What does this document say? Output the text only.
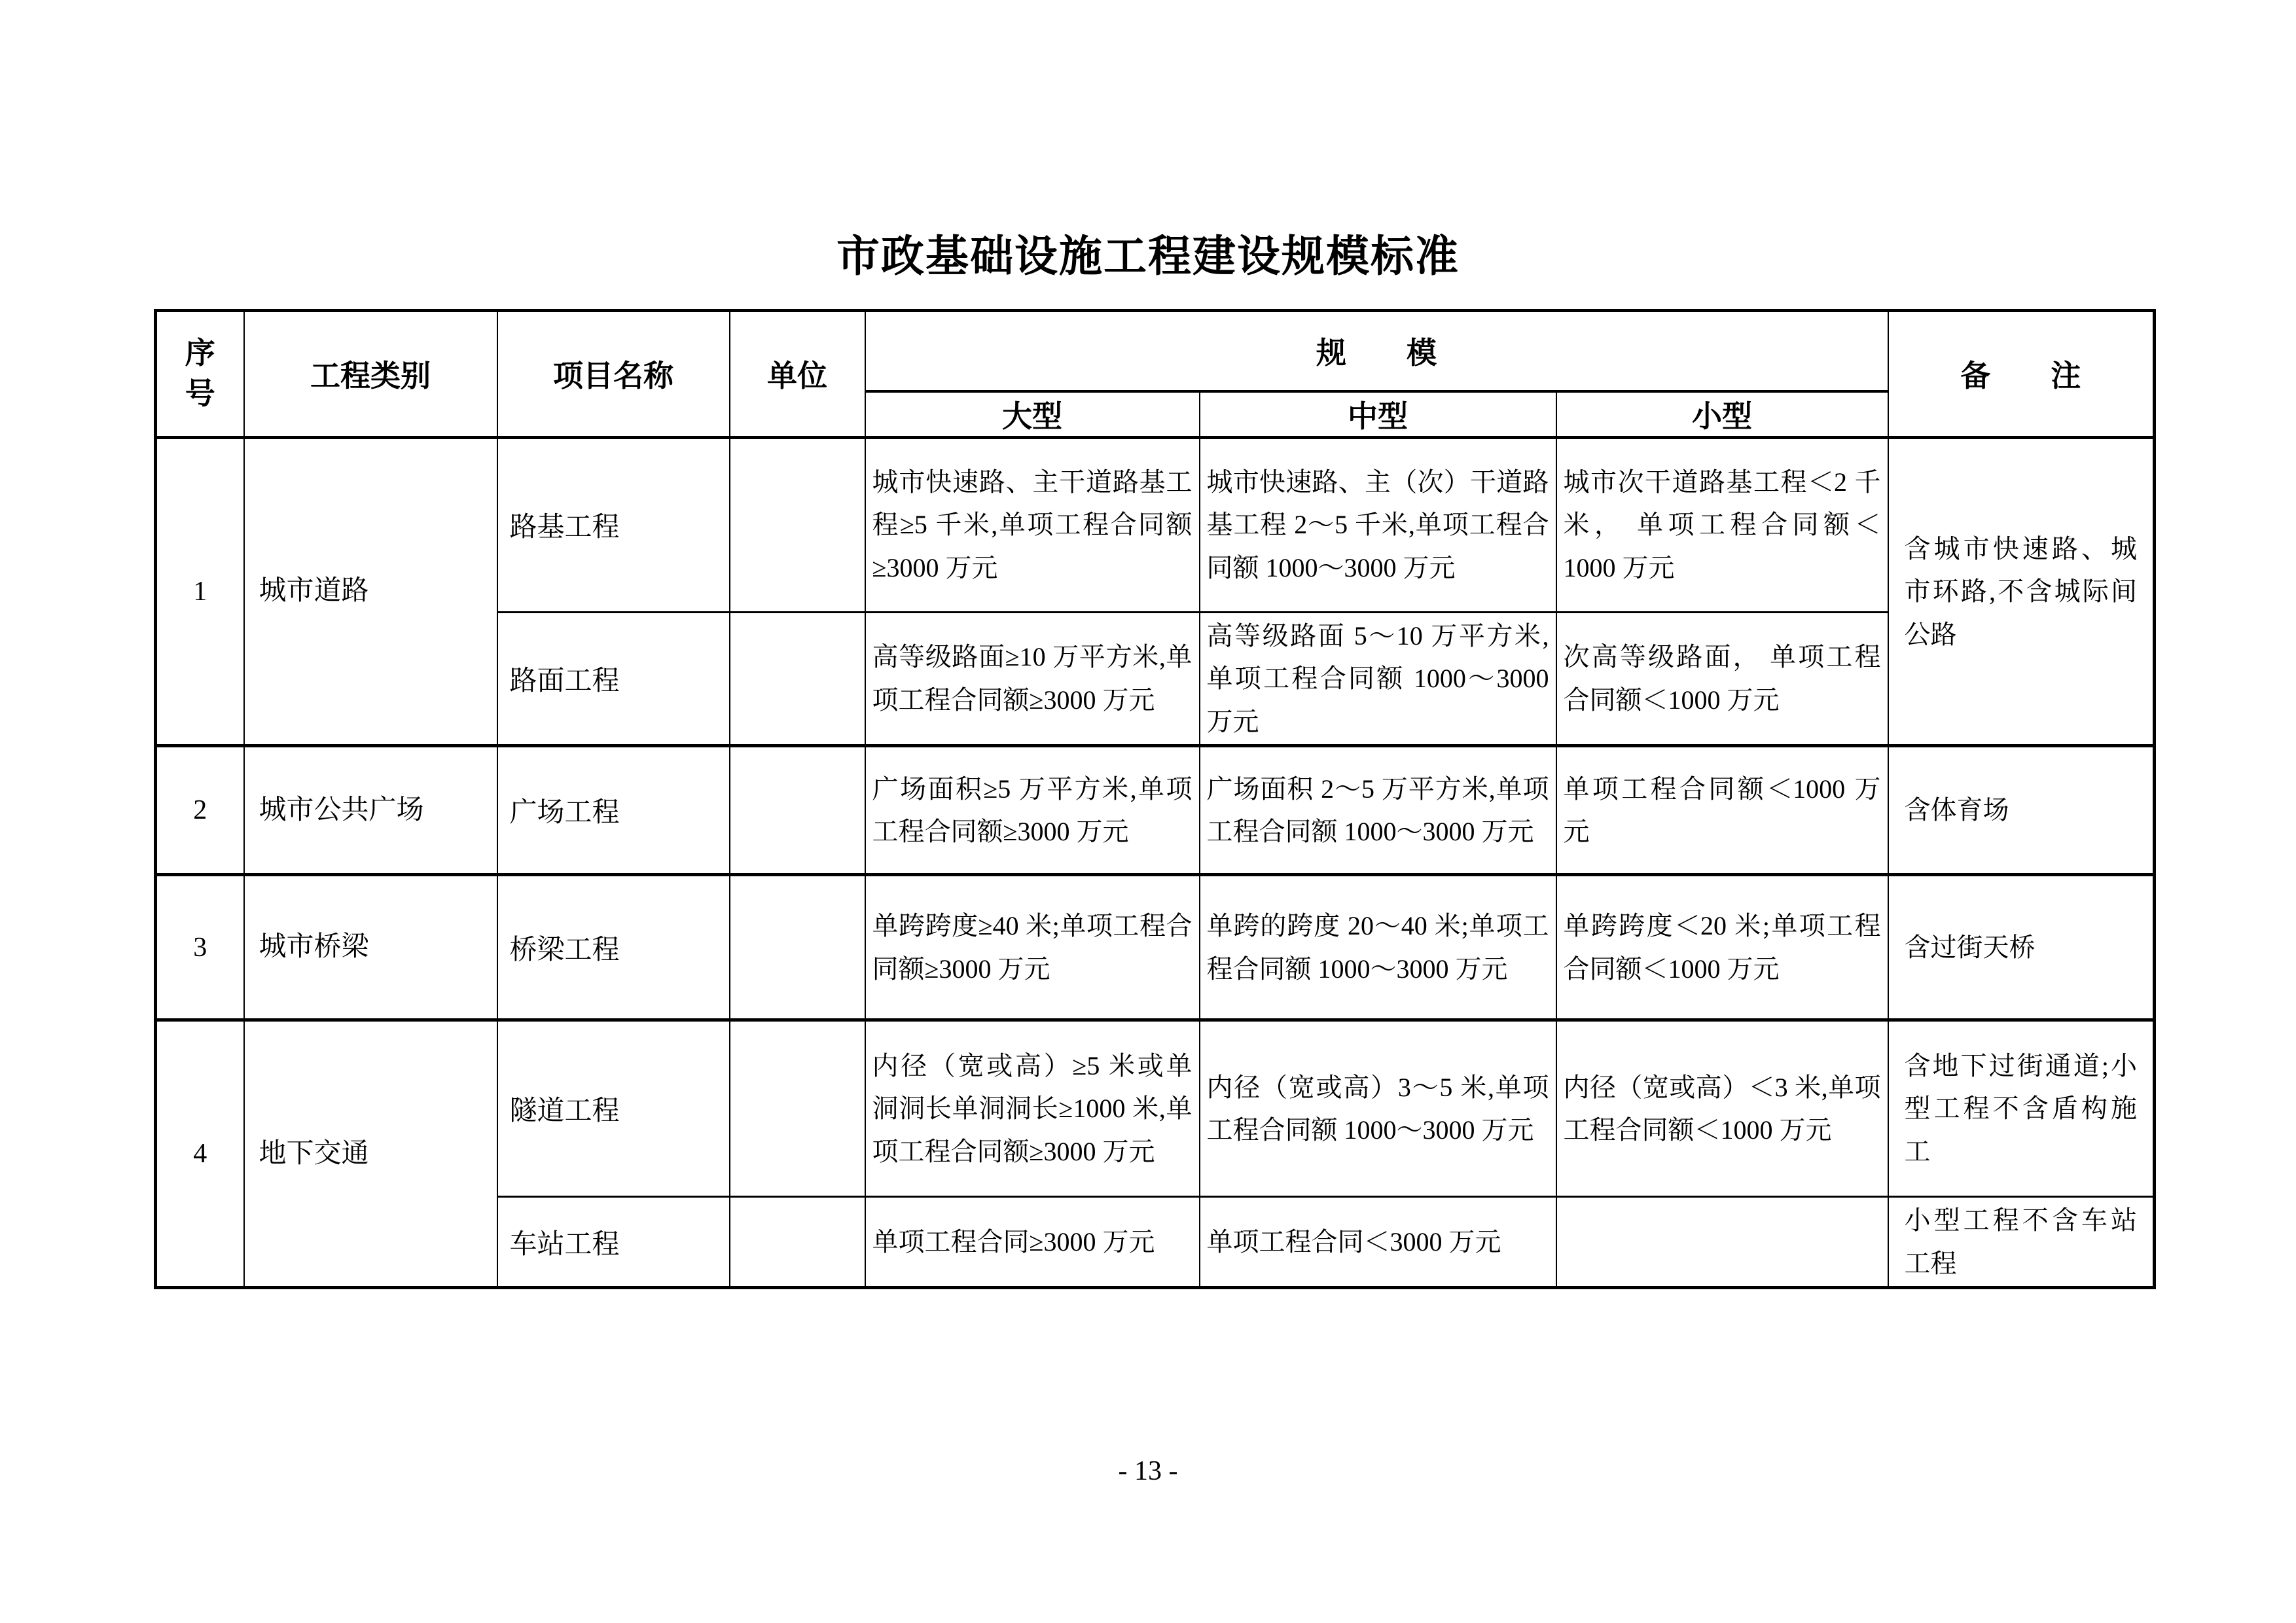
市政基础设施工程建设规模标准
序号	工程类别	项目名称	单位	规　　模			备　　注
				大型	中型	小型	
1	城市道路	路基工程		城市快速路、主干道路基工程≥5 千米,单项工程合同额≥3000 万元	城市快速路、主（次）干道路基工程 2～5 千米,单项工程合同额 1000～3000 万元	城市次干道路基工程＜2 千米， 单项工程合同额＜1000 万元	含城市快速路、城市环路,不含城际间公路
		路面工程		高等级路面≥10 万平方米,单项工程合同额≥3000 万元	高等级路面 5～10 万平方米,单项工程合同额 1000～3000 万元	次高等级路面， 单项工程合同额＜1000 万元	
2	城市公共广场	广场工程		广场面积≥5 万平方米,单项工程合同额≥3000 万元	广场面积 2～5 万平方米,单项工程合同额 1000～3000 万元	单项工程合同额＜1000 万元	含体育场
3	城市桥梁	桥梁工程		单跨跨度≥40 米;单项工程合同额≥3000 万元	单跨的跨度 20～40 米;单项工程合同额 1000～3000 万元	单跨跨度＜20 米;单项工程合同额＜1000 万元	含过街天桥
4	地下交通	隧道工程		内径（宽或高）≥5 米或单洞洞长单洞洞长≥1000 米,单项工程合同额≥3000 万元	内径（宽或高）3～5 米,单项工程合同额 1000～3000 万元	内径（宽或高）＜3 米,单项工程合同额＜1000 万元	含地下过街通道;小型工程不含盾构施工
		车站工程		单项工程合同≥3000 万元	单项工程合同＜3000 万元		小型工程不含车站工程
- 13 -
